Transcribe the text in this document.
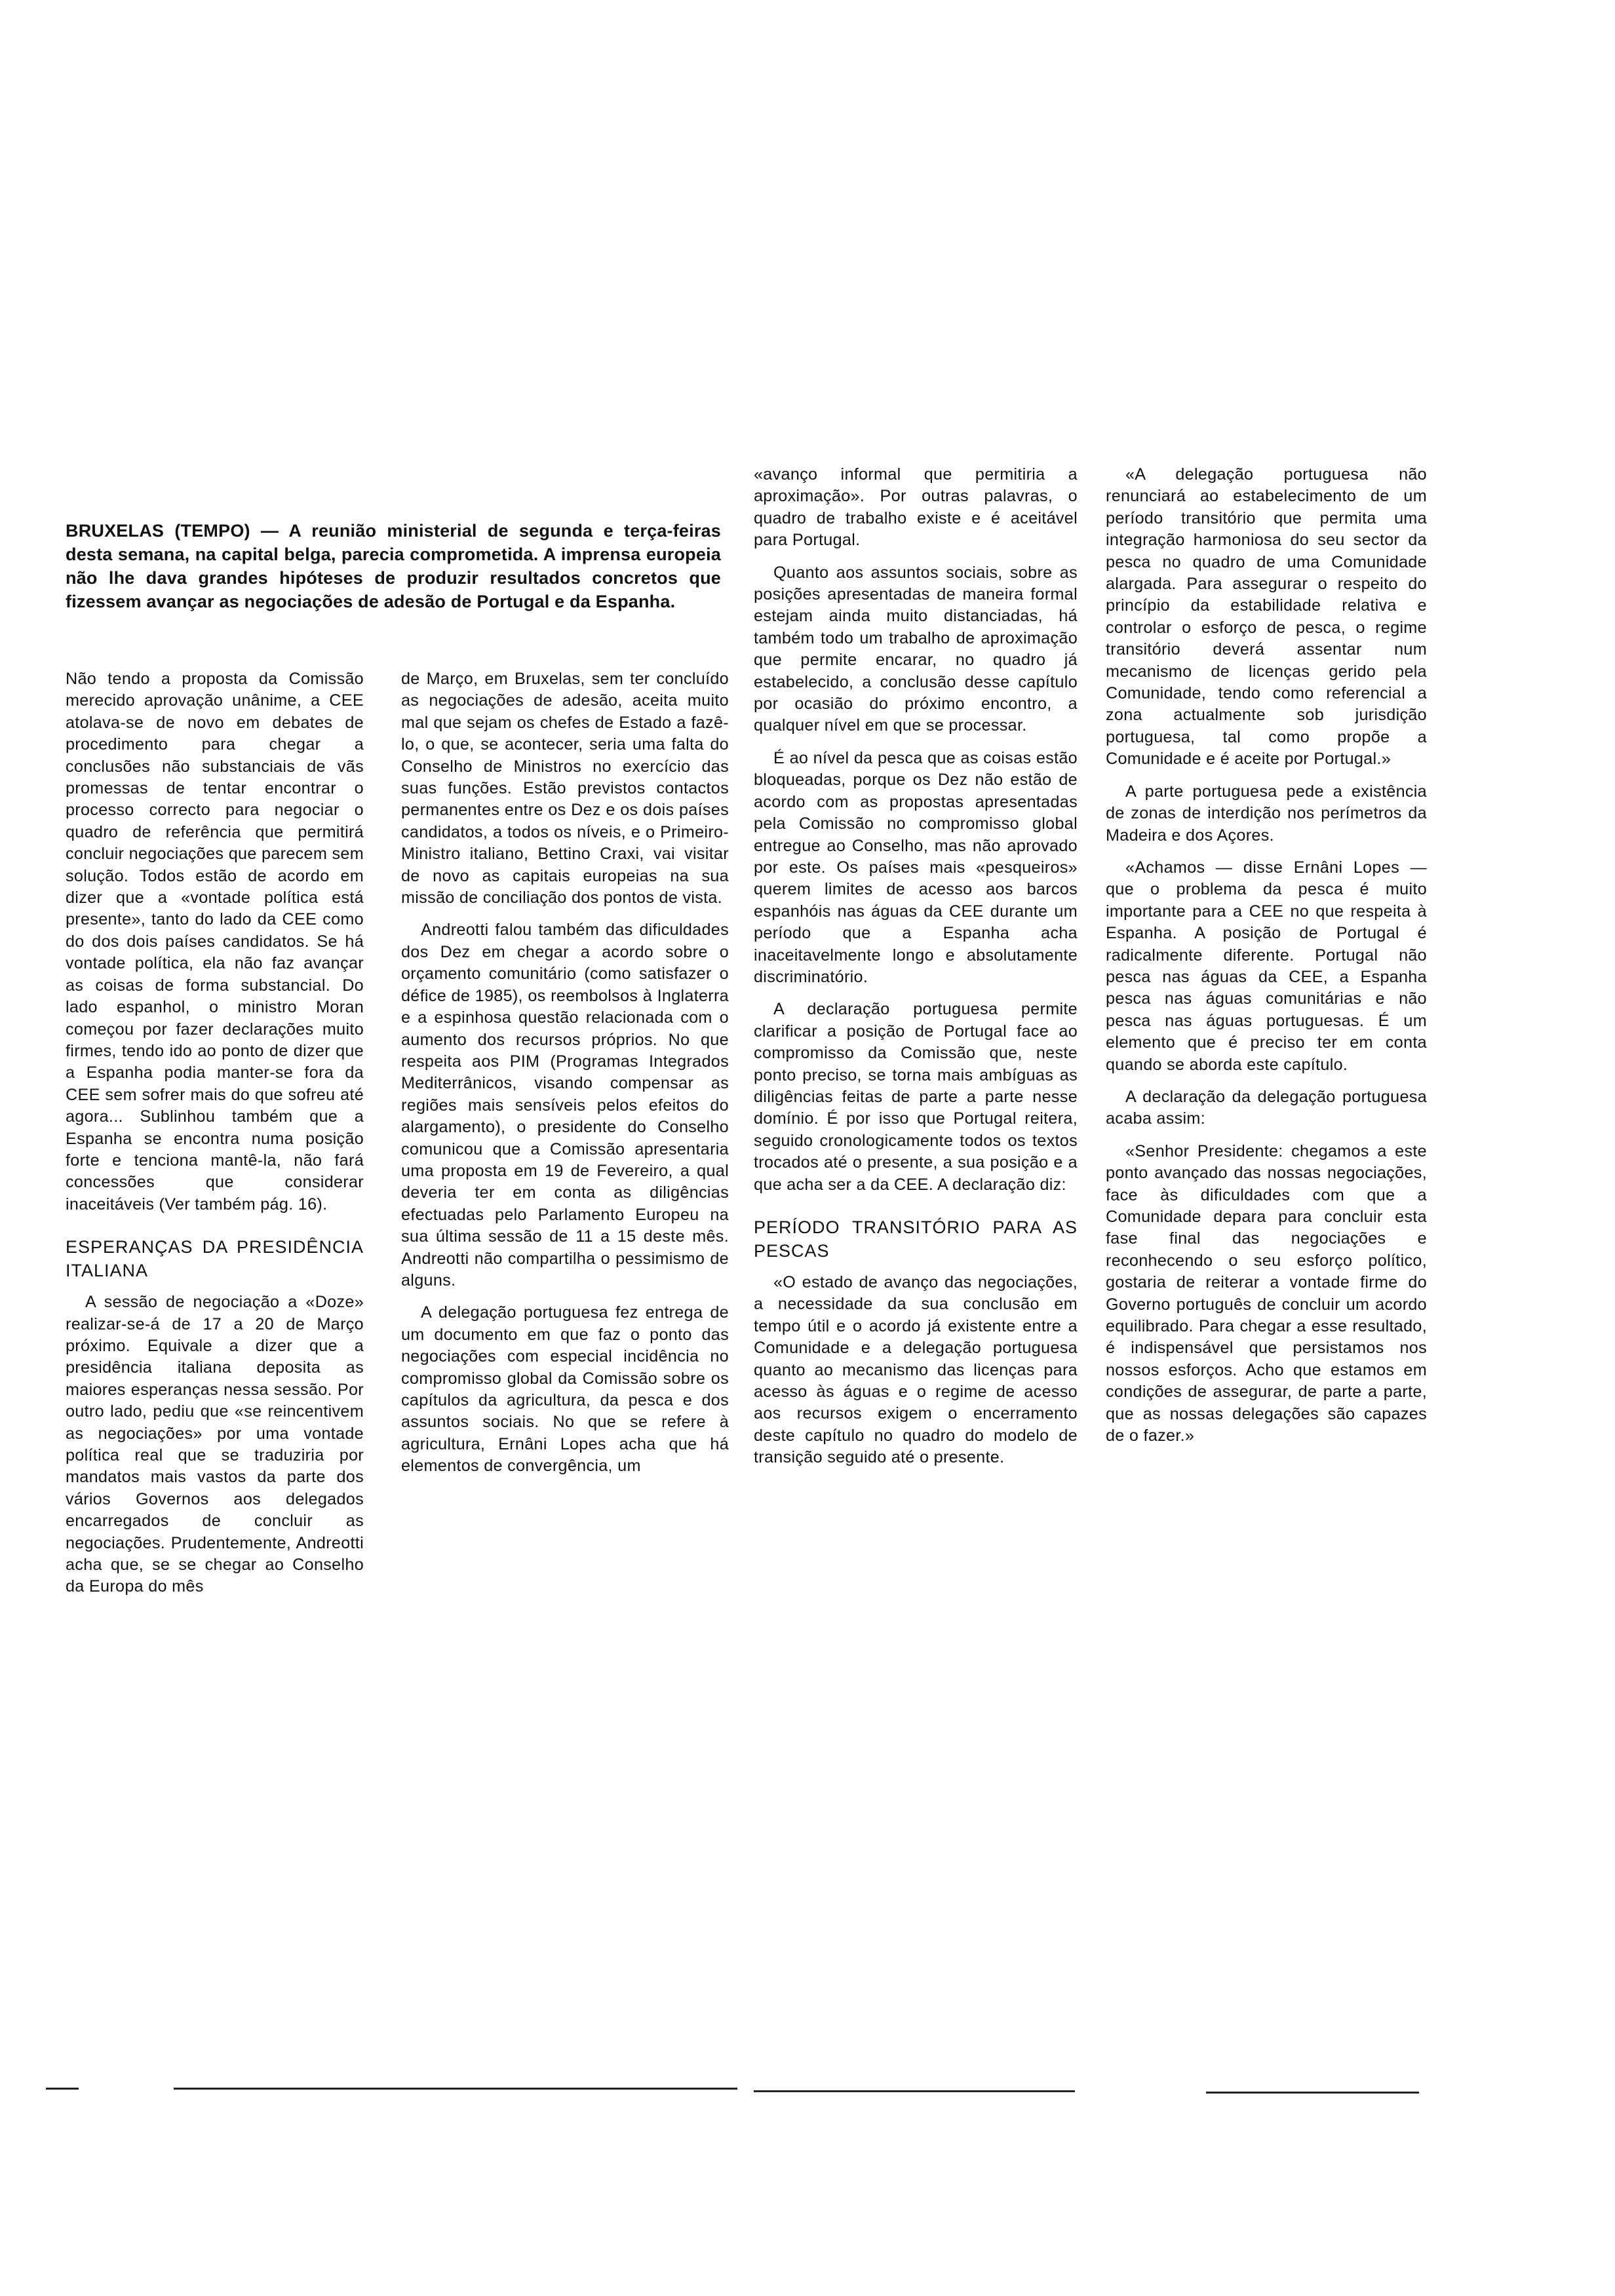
BRUXELAS (TEMPO) — A reunião ministerial de segunda e terça-feiras desta semana, na capital belga, parecia comprometida. A imprensa europeia não lhe dava grandes hipóteses de produzir resultados concretos que fizessem avançar as negociações de adesão de Portugal e da Espanha.

Não tendo a proposta da Comissão merecido aprovação unânime, a CEE atolava-se de novo em debates de procedimento para chegar a conclusões não substanciais de vãs promessas de tentar encontrar o processo correcto para negociar o quadro de referência que permitirá concluir negociações que parecem sem solução. Todos estão de acordo em dizer que a «vontade política está presente», tanto do lado da CEE como do dos dois países candidatos. Se há vontade política, ela não faz avançar as coisas de forma substancial. Do lado espanhol, o ministro Moran começou por fazer declarações muito firmes, tendo ido ao ponto de dizer que a Espanha podia manter-se fora da CEE sem sofrer mais do que sofreu até agora... Sublinhou também que a Espanha se encontra numa posição forte e tenciona mantê-la, não fará concessões que considerar inaceitáveis (Ver também pág. 16).

ESPERANÇAS DA PRESIDÊNCIA ITALIANA

A sessão de negociação a «Doze» realizar-se-á de 17 a 20 de Março próximo. Equivale a dizer que a presidência italiana deposita as maiores esperanças nessa sessão. Por outro lado, pediu que «se reincentivem as negociações» por uma vontade política real que se traduziria por mandatos mais vastos da parte dos vários Governos aos delegados encarregados de concluir as negociações. Prudentemente, Andreotti acha que, se se chegar ao Conselho da Europa do mês

de Março, em Bruxelas, sem ter concluído as negociações de adesão, aceita muito mal que sejam os chefes de Estado a fazê-lo, o que, se acontecer, seria uma falta do Conselho de Ministros no exercício das suas funções. Estão previstos contactos permanentes entre os Dez e os dois países candidatos, a todos os níveis, e o Primeiro-Ministro italiano, Bettino Craxi, vai visitar de novo as capitais europeias na sua missão de conciliação dos pontos de vista.

Andreotti falou também das dificuldades dos Dez em chegar a acordo sobre o orçamento comunitário (como satisfazer o défice de 1985), os reembolsos à Inglaterra e a espinhosa questão relacionada com o aumento dos recursos próprios. No que respeita aos PIM (Programas Integrados Mediterrânicos, visando compensar as regiões mais sensíveis pelos efeitos do alargamento), o presidente do Conselho comunicou que a Comissão apresentaria uma proposta em 19 de Fevereiro, a qual deveria ter em conta as diligências efectuadas pelo Parlamento Europeu na sua última sessão de 11 a 15 deste mês. Andreotti não compartilha o pessimismo de alguns.

A delegação portuguesa fez entrega de um documento em que faz o ponto das negociações com especial incidência no compromisso global da Comissão sobre os capítulos da agricultura, da pesca e dos assuntos sociais. No que se refere à agricultura, Ernâni Lopes acha que há elementos de convergência, um

«avanço informal que permitiria a aproximação». Por outras palavras, o quadro de trabalho existe e é aceitável para Portugal.

Quanto aos assuntos sociais, sobre as posições apresentadas de maneira formal estejam ainda muito distanciadas, há também todo um trabalho de aproximação que permite encarar, no quadro já estabelecido, a conclusão desse capítulo por ocasião do próximo encontro, a qualquer nível em que se processar.

É ao nível da pesca que as coisas estão bloqueadas, porque os Dez não estão de acordo com as propostas apresentadas pela Comissão no compromisso global entregue ao Conselho, mas não aprovado por este. Os países mais «pesqueiros» querem limites de acesso aos barcos espanhóis nas águas da CEE durante um período que a Espanha acha inaceitavelmente longo e absolutamente discriminatório.

A declaração portuguesa permite clarificar a posição de Portugal face ao compromisso da Comissão que, neste ponto preciso, se torna mais ambíguas as diligências feitas de parte a parte nesse domínio. É por isso que Portugal reitera, seguido cronologicamente todos os textos trocados até o presente, a sua posição e a que acha ser a da CEE. A declaração diz:

PERÍODO TRANSITÓRIO PARA AS PESCAS

«O estado de avanço das negociações, a necessidade da sua conclusão em tempo útil e o acordo já existente entre a Comunidade e a delegação portuguesa quanto ao mecanismo das licenças para acesso às águas e o regime de acesso aos recursos exigem o encerramento deste capítulo no quadro do modelo de transição seguido até o presente.

«A delegação portuguesa não renunciará ao estabelecimento de um período transitório que permita uma integração harmoniosa do seu sector da pesca no quadro de uma Comunidade alargada. Para assegurar o respeito do princípio da estabilidade relativa e controlar o esforço de pesca, o regime transitório deverá assentar num mecanismo de licenças gerido pela Comunidade, tendo como referencial a zona actualmente sob jurisdição portuguesa, tal como propõe a Comunidade e é aceite por Portugal.»

A parte portuguesa pede a existência de zonas de interdição nos perímetros da Madeira e dos Açores.

«Achamos — disse Ernâni Lopes — que o problema da pesca é muito importante para a CEE no que respeita à Espanha. A posição de Portugal é radicalmente diferente. Portugal não pesca nas águas da CEE, a Espanha pesca nas águas comunitárias e não pesca nas águas portuguesas. É um elemento que é preciso ter em conta quando se aborda este capítulo.

A declaração da delegação portuguesa acaba assim:

«Senhor Presidente: chegamos a este ponto avançado das nossas negociações, face às dificuldades com que a Comunidade depara para concluir esta fase final das negociações e reconhecendo o seu esforço político, gostaria de reiterar a vontade firme do Governo português de concluir um acordo equilibrado. Para chegar a esse resultado, é indispensável que persistamos nos nossos esforços. Acho que estamos em condições de assegurar, de parte a parte, que as nossas delegações são capazes de o fazer.»
